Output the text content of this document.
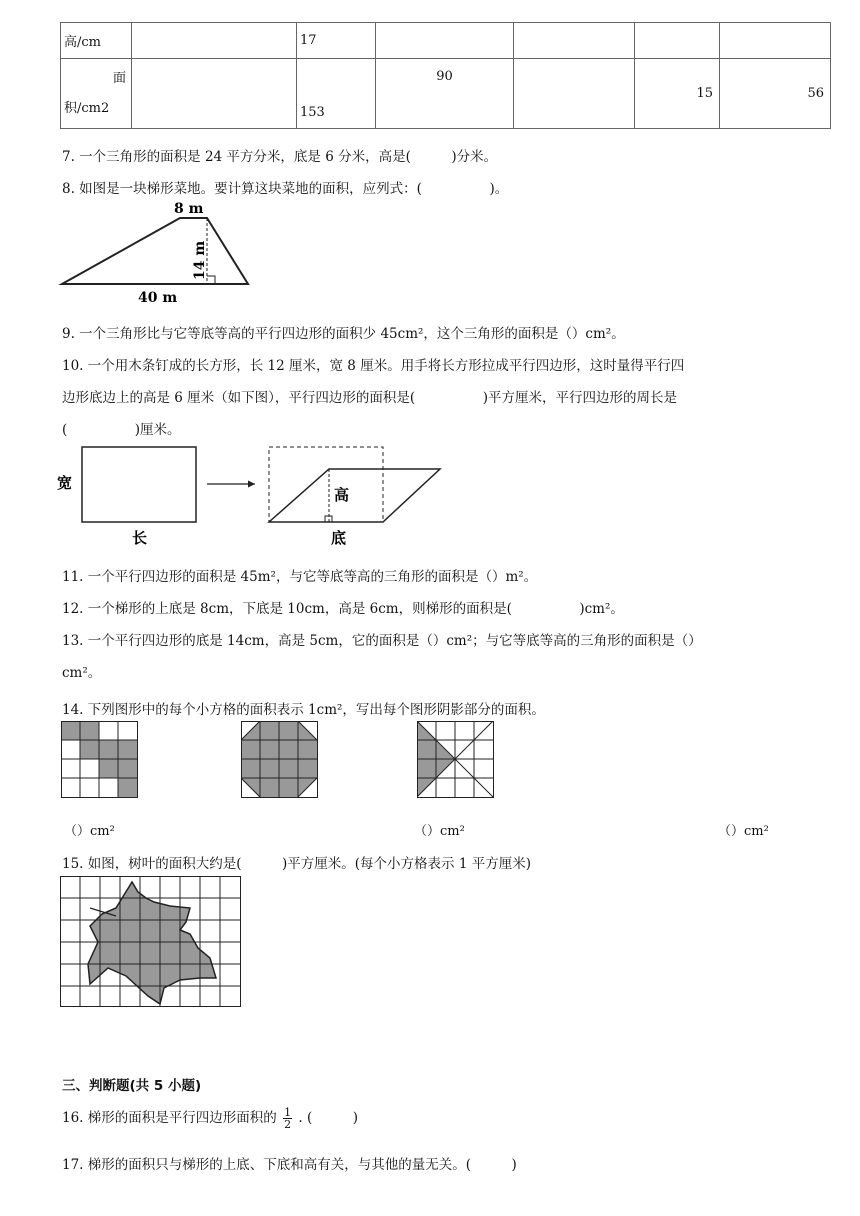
高/cm		17				

面
积/cm2		153	90		15	56
7. 一个三角形的面积是 24 平方分米，底是 6 分米，高是(　　　)分米。
8. 如图是一块梯形菜地。要计算这块菜地的面积，应列式：(　　　　　)。
8 m
14 m
40 m
9. 一个三角形比与它等底等高的平行四边形的面积少 45cm²，这个三角形的面积是（）cm²。
10. 一个用木条钉成的长方形，长 12 厘米，宽 8 厘米。用手将长方形拉成平行四边形，这时量得平行四
边形底边上的高是 6 厘米（如下图），平行四边形的面积是(　　　　　)平方厘米，平行四边形的周长是
(　　　　　)厘米。
宽
长
高
底
11. 一个平行四边形的面积是 45m²，与它等底等高的三角形的面积是（）m²。
12. 一个梯形的上底是 8cm，下底是 10cm，高是 6cm，则梯形的面积是(　　　　　)cm²。
13. 一个平行四边形的底是 14cm，高是 5cm，它的面积是（）cm²；与它等底等高的三角形的面积是（）
cm²。
14. 下列图形中的每个小方格的面积表示 1cm²，写出每个图形阴影部分的面积。
（）cm²	（）cm²	（）cm²
15. 如图，树叶的面积大约是(　　　)平方厘米。(每个小方格表示 1 平方厘米)
三、判断题(共 5 小题)
16. 梯形的面积是平行四边形面积的 $\frac{1}{2}$ . (　　　)
17. 梯形的面积只与梯形的上底、下底和高有关，与其他的量无关。(　　　)
